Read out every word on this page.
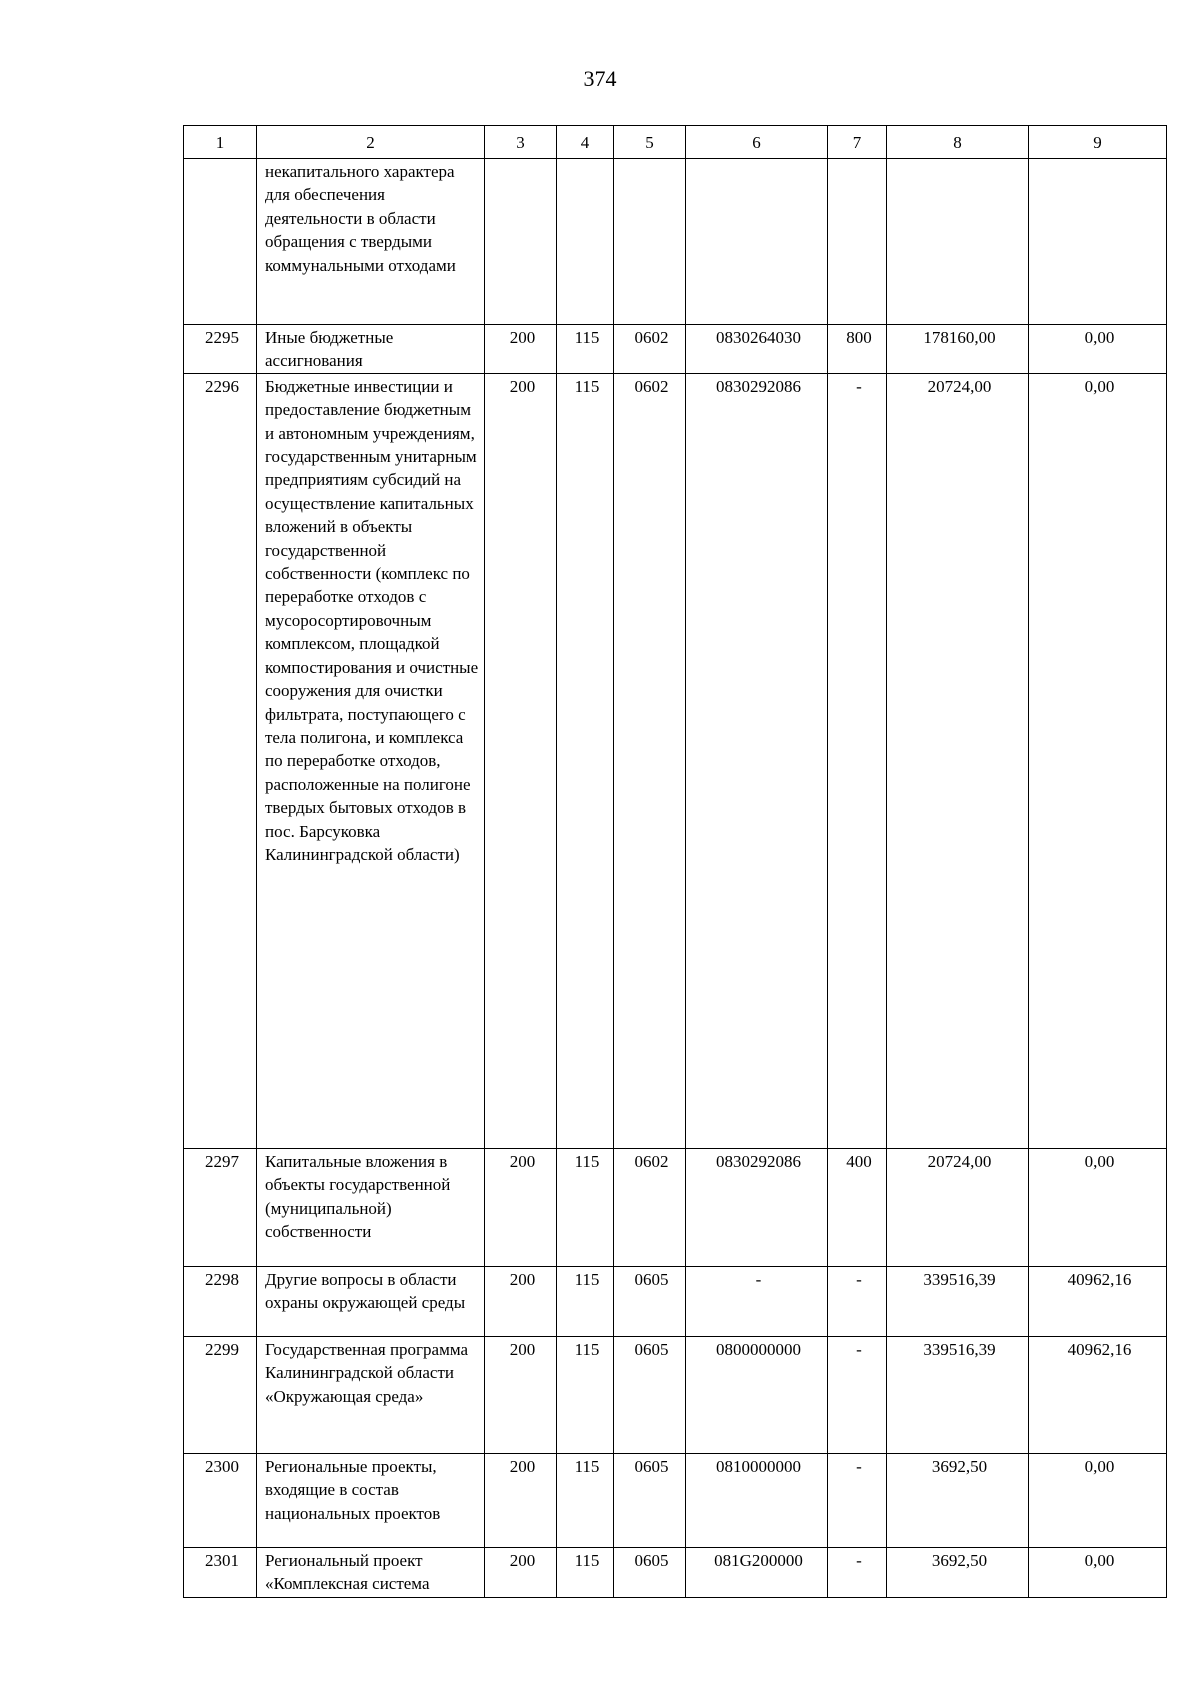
374
1	2	3	4	5	6	7	8	9
	некапитального характера для обеспечения деятельности в области обращения с твердыми коммунальными отходами							
2295	Иные бюджетные ассигнования	200	115	0602	0830264030	800	178160,00	0,00
2296	Бюджетные инвестиции и предоставление бюджетным и автономным учреждениям, государственным унитарным предприятиям субсидий на осуществление капитальных вложений в объекты государственной собственности (комплекс по переработке отходов с мусоросортировочным комплексом, площадкой компостирования и очистные сооружения для очистки фильтрата, поступающего с тела полигона, и комплекса по переработке отходов, расположенные на полигоне твердых бытовых отходов в пос. Барсуковка Калининградской области)	200	115	0602	0830292086	-	20724,00	0,00
2297	Капитальные вложения в объекты государственной (муниципальной) собственности	200	115	0602	0830292086	400	20724,00	0,00
2298	Другие вопросы в области охраны окружающей среды	200	115	0605	-	-	339516,39	40962,16
2299	Государственная программа Калининградской области «Окружающая среда»	200	115	0605	0800000000	-	339516,39	40962,16
2300	Региональные проекты, входящие в состав национальных проектов	200	115	0605	0810000000	-	3692,50	0,00
2301	Региональный проект «Комплексная система	200	115	0605	081G200000	-	3692,50	0,00
